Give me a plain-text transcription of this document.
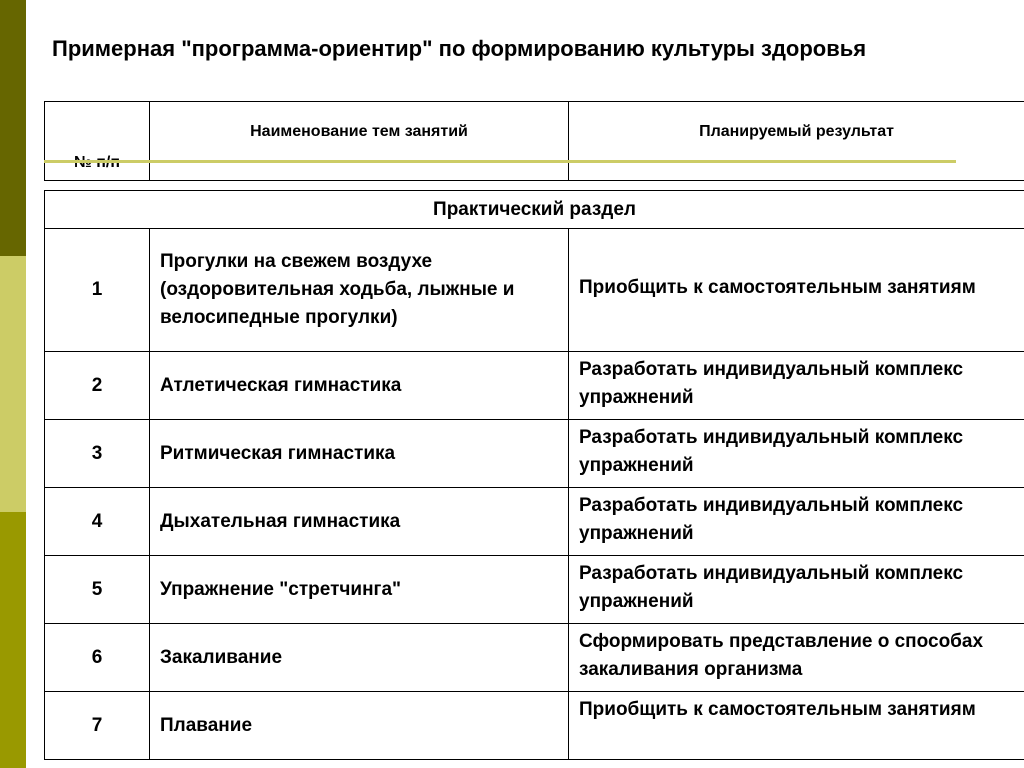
Примерная "программа-ориентир" по формированию культуры здоровья
	Наименование тем занятий	Планируемый результат
Практический раздел		
1	Прогулки на свежем воздухе (оздоровительная ходьба, лыжные и велосипедные прогулки)	Приобщить к самостоятельным занятиям
2	Атлетическая гимнастика	Разработать индивидуальный комплекс упражнений
3	Ритмическая гимнастика	Разработать индивидуальный комплекс упражнений
4	Дыхательная гимнастика	Разработать индивидуальный комплекс упражнений
5	Упражнение "стретчинга"	Разработать индивидуальный комплекс упражнений
6	Закаливание	Сформировать представление о способах закаливания организма
7	Плавание	Приобщить к самостоятельным занятиям
